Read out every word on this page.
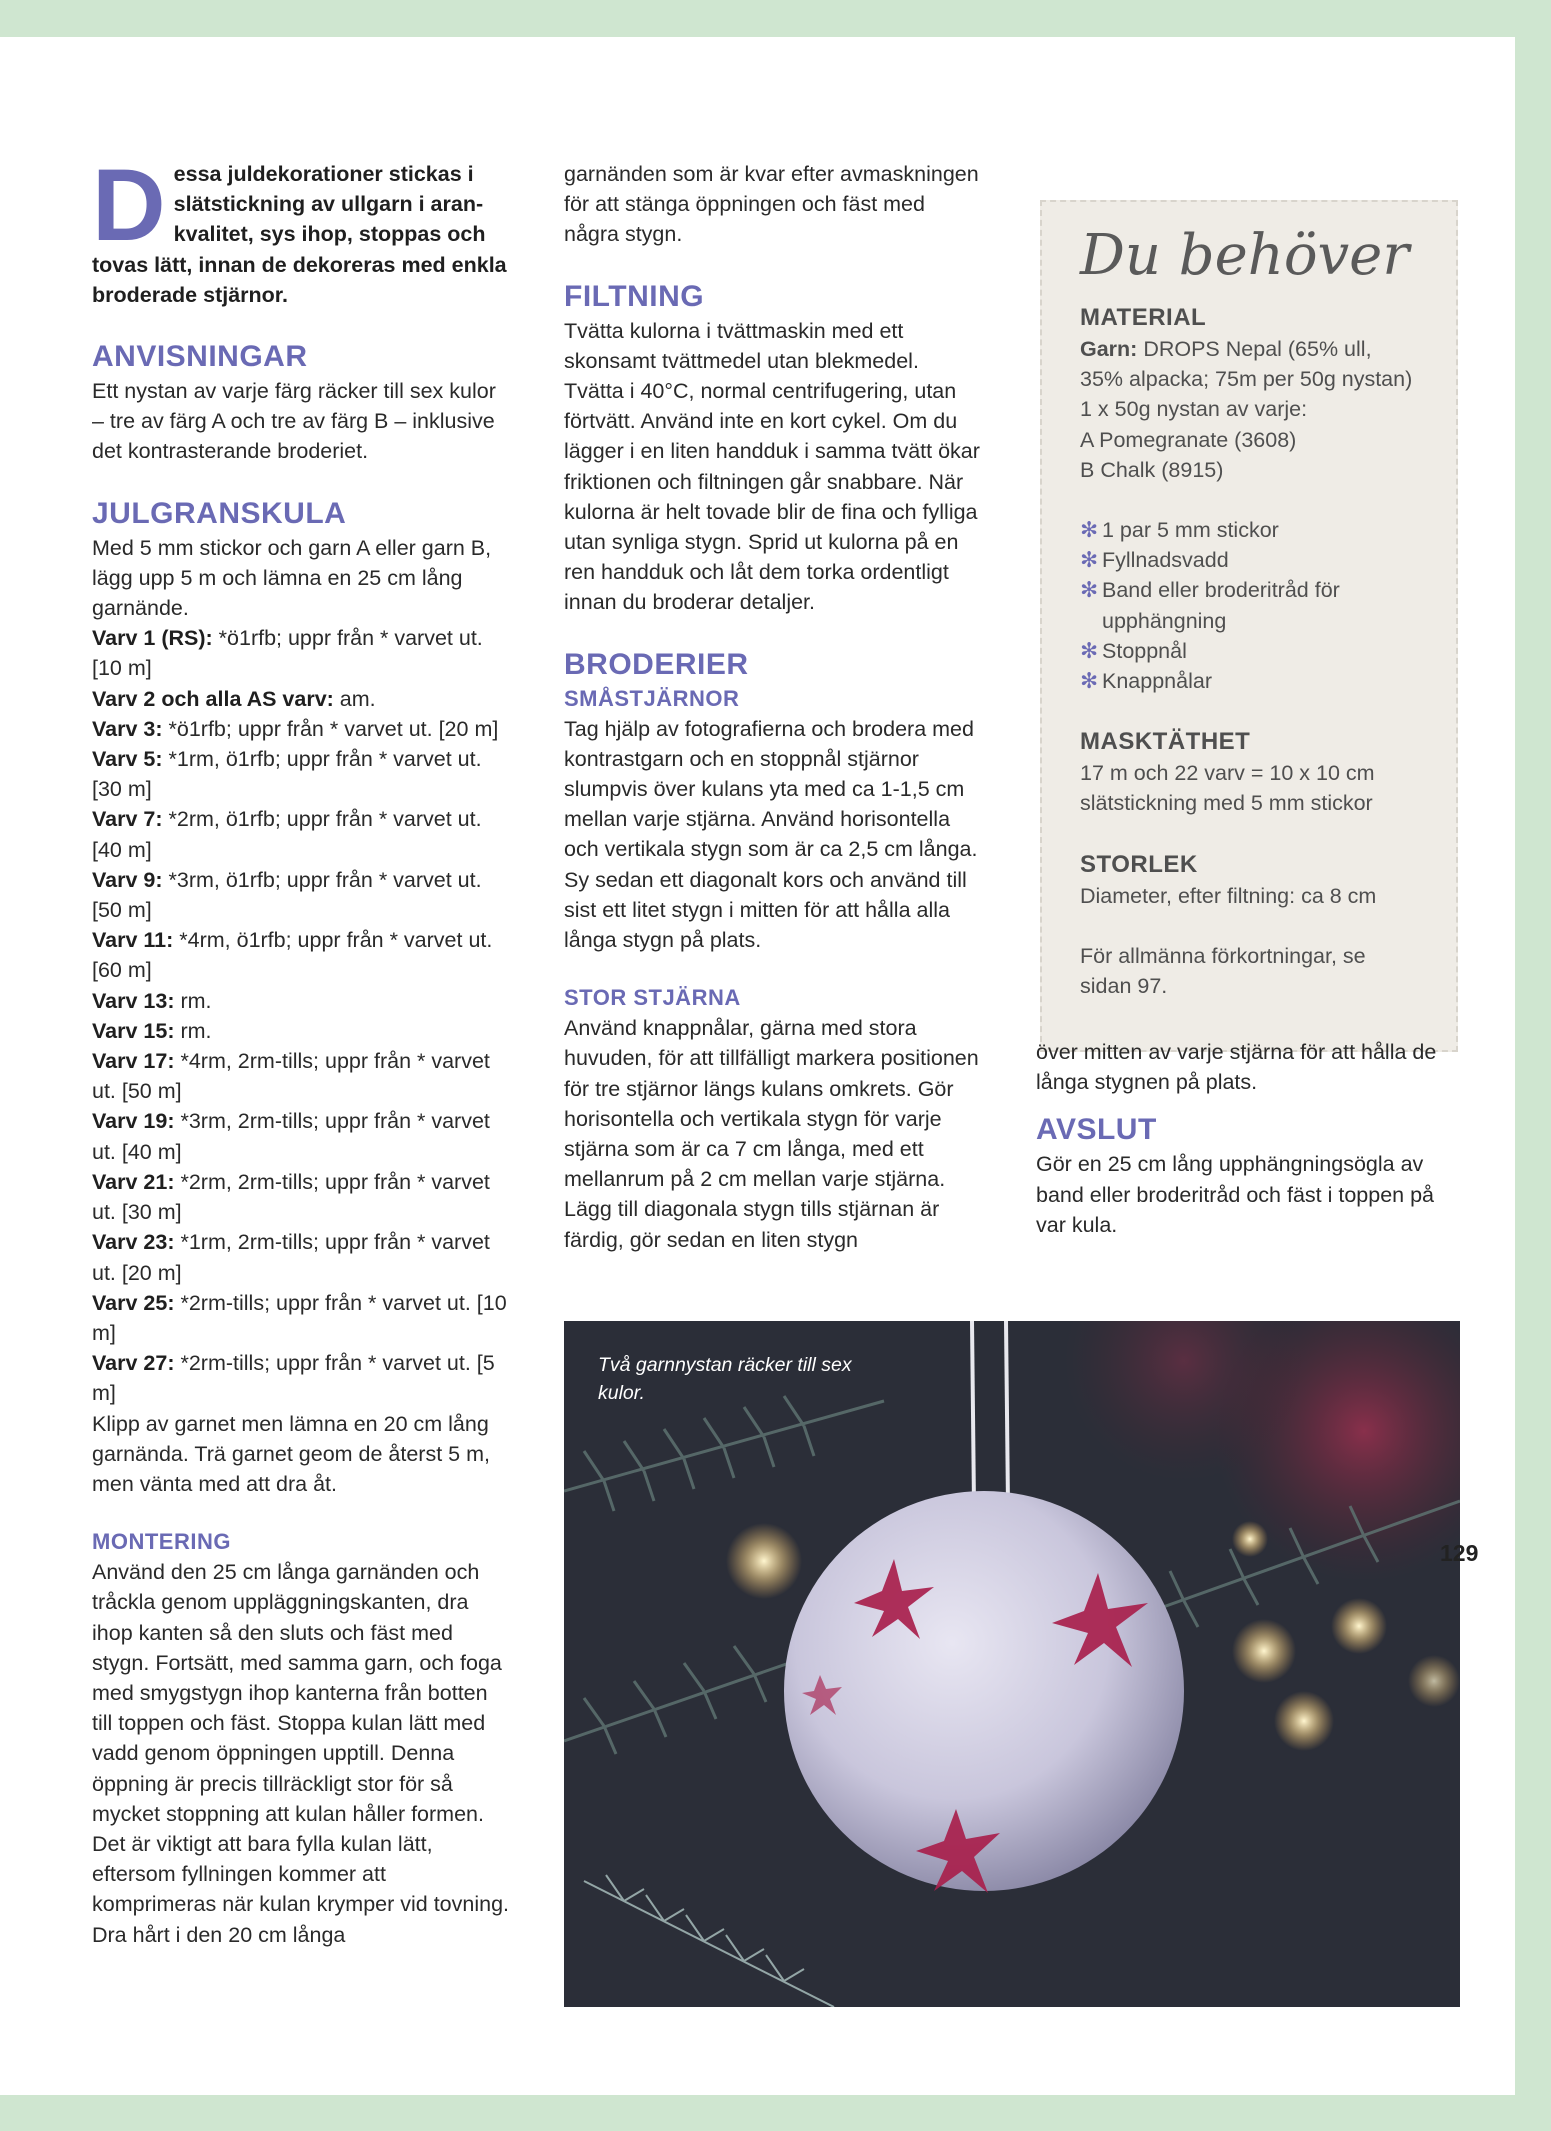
Dessa juldekorationer stickas i slätstickning av ullgarn i aran-kvalitet, sys ihop, stoppas och tovas lätt, innan de dekoreras med enkla broderade stjärnor.

ANVISNINGAR

Ett nystan av varje färg räcker till sex kulor – tre av färg A och tre av färg B – inklusive det kontrasterande broderiet.

JULGRANSKULA

Med 5 mm stickor och garn A eller garn B, lägg upp 5 m och lämna en 25 cm lång garnände.

Varv 1 (RS): *ö1rfb; uppr från * varvet ut. [10 m]

Varv 2 och alla AS varv: am.

Varv 3: *ö1rfb; uppr från * varvet ut. [20 m]

Varv 5: *1rm, ö1rfb; uppr från * varvet ut. [30 m]

Varv 7: *2rm, ö1rfb; uppr från * varvet ut. [40 m]

Varv 9: *3rm, ö1rfb; uppr från * varvet ut. [50 m]

Varv 11: *4rm, ö1rfb; uppr från * varvet ut. [60 m]

Varv 13: rm.

Varv 15: rm.

Varv 17: *4rm, 2rm-tills; uppr från * varvet ut. [50 m]

Varv 19: *3rm, 2rm-tills; uppr från * varvet ut. [40 m]

Varv 21: *2rm, 2rm-tills; uppr från * varvet ut. [30 m]

Varv 23: *1rm, 2rm-tills; uppr från * varvet ut. [20 m]

Varv 25: *2rm-tills; uppr från * varvet ut. [10 m]

Varv 27: *2rm-tills; uppr från * varvet ut. [5 m]

Klipp av garnet men lämna en 20 cm lång garnända. Trä garnet geom de återst 5 m, men vänta med att dra åt.

MONTERING

Använd den 25 cm långa garnänden och tråckla genom uppläggningskanten, dra ihop kanten så den sluts och fäst med stygn. Fortsätt, med samma garn, och foga med smygstygn ihop kanterna från botten till toppen och fäst. Stoppa kulan lätt med vadd genom öppningen upptill. Denna öppning är precis tillräckligt stor för så mycket stoppning att kulan håller formen. Det är viktigt att bara fylla kulan lätt, eftersom fyllningen kommer att komprimeras när kulan krymper vid tovning. Dra hårt i den 20 cm långa

garnänden som är kvar efter avmaskningen för att stänga öppningen och fäst med några stygn.

FILTNING

Tvätta kulorna i tvättmaskin med ett skonsamt tvättmedel utan blekmedel. Tvätta i 40°C, normal centrifugering, utan förtvätt. Använd inte en kort cykel. Om du lägger i en liten handduk i samma tvätt ökar friktionen och filtningen går snabbare. När kulorna är helt tovade blir de fina och fylliga utan synliga stygn. Sprid ut kulorna på en ren handduk och låt dem torka ordentligt innan du broderar detaljer.

BRODERIER
SMÅSTJÄRNOR

Tag hjälp av fotografierna och brodera med kontrastgarn och en stoppnål stjärnor slumpvis över kulans yta med ca 1-1,5 cm mellan varje stjärna. Använd horisontella och vertikala stygn som är ca 2,5 cm långa. Sy sedan ett diagonalt kors och använd till sist ett litet stygn i mitten för att hålla alla långa stygn på plats.

STOR STJÄRNA

Använd knappnålar, gärna med stora huvuden, för att tillfälligt markera positionen för tre stjärnor längs kulans omkrets. Gör horisontella och vertikala stygn för varje stjärna som är ca 7 cm långa, med ett mellanrum på 2 cm mellan varje stjärna. Lägg till diagonala stygn tills stjärnan är färdig, gör sedan en liten stygn

Du behöver
MATERIAL

Garn: DROPS Nepal (65% ull, 35% alpacka; 75m per 50g nystan) 1 x 50g nystan av varje:

A Pomegranate (3608)

B Chalk (8915)

✻ 1 par 5 mm stickor
✻ Fyllnadsvadd
✻ Band eller broderitråd för upphängning
✻ Stoppnål
✻ Knappnålar
MASKTÄTHET

17 m och 22 varv = 10 x 10 cm slätstickning med 5 mm stickor

STORLEK

Diameter, efter filtning: ca 8 cm

För allmänna förkortningar, se sidan 97.

över mitten av varje stjärna för att hålla de långa stygnen på plats.

AVSLUT

Gör en 25 cm lång upphängningsögla av band eller broderitråd och fäst i toppen på var kula.

Två garnnystan räcker till sex kulor.
129
